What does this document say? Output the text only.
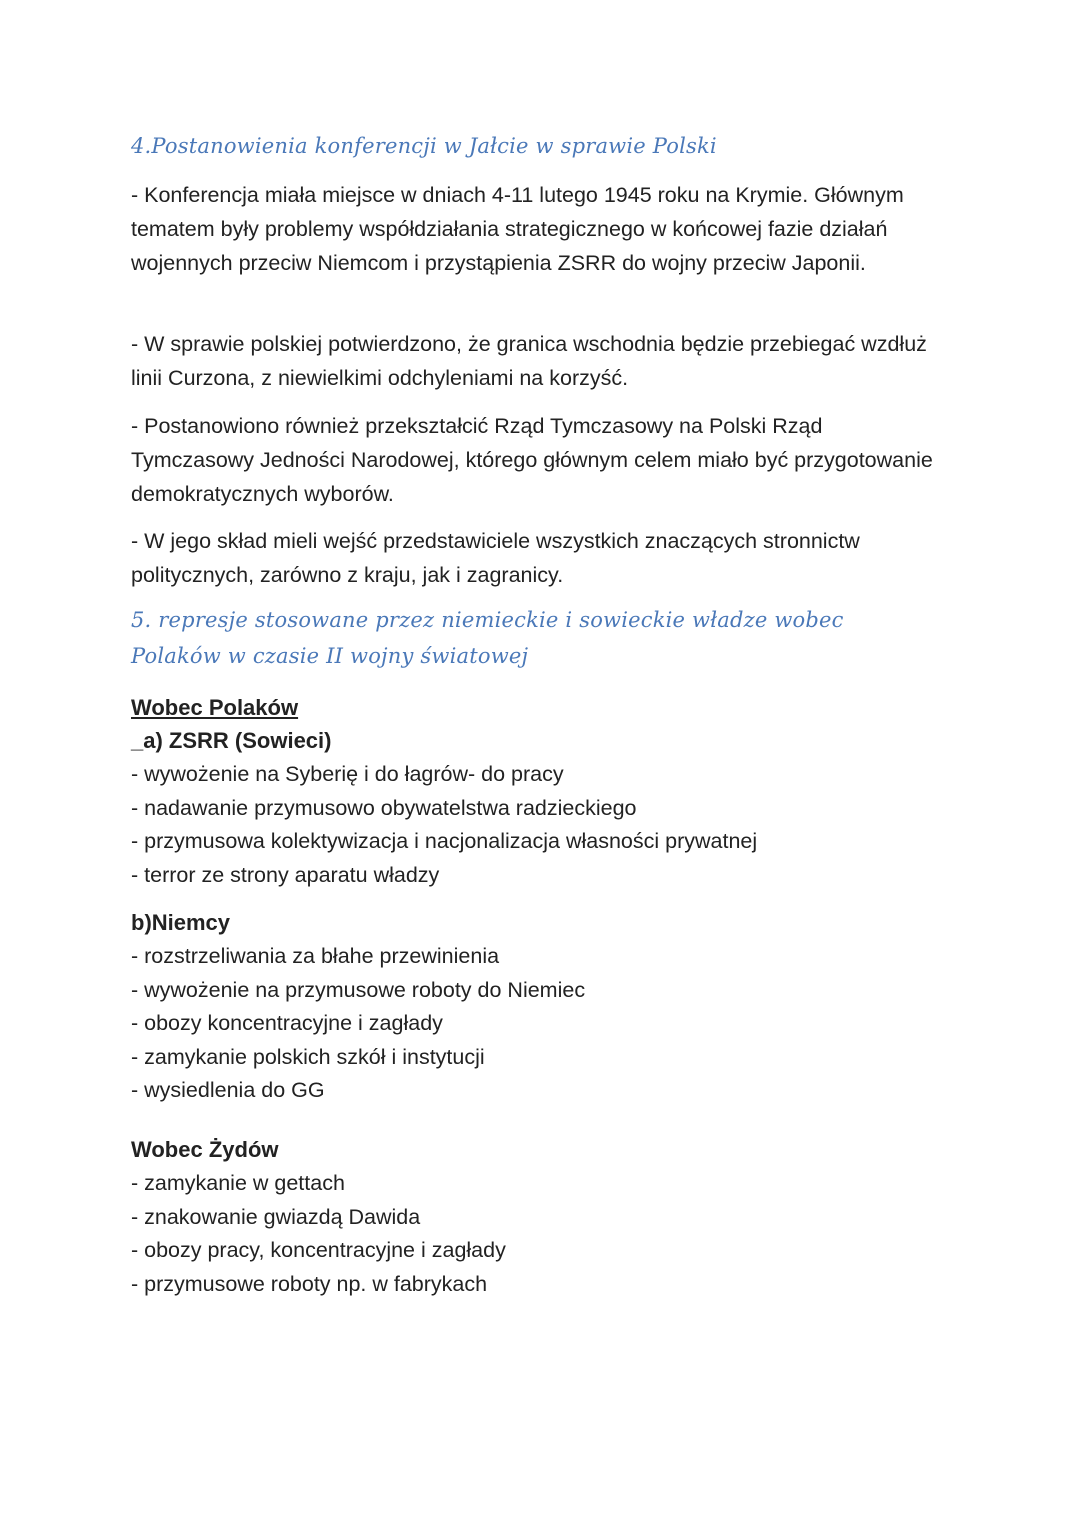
4.Postanowienia konferencji w Jałcie w sprawie Polski

- Konferencja miała miejsce w dniach 4-11 lutego 1945 roku na Krymie. Głównym tematem były problemy współdziałania strategicznego w końcowej fazie działań wojennych przeciw Niemcom i przystąpienia ZSRR do wojny przeciw Japonii.

- W sprawie polskiej potwierdzono, że granica wschodnia będzie przebiegać wzdłuż linii Curzona, z niewielkimi odchyleniami na korzyść.

- Postanowiono również przekształcić Rząd Tymczasowy na Polski Rząd Tymczasowy Jedności Narodowej, którego głównym celem miało być przygotowanie demokratycznych wyborów.

- W jego skład mieli wejść przedstawiciele wszystkich znaczących stronnictw politycznych, zarówno z kraju, jak i zagranicy.

5. represje stosowane przez niemieckie i sowieckie władze wobec Polaków w czasie II wojny światowej

Wobec Polaków

_a) ZSRR (Sowieci)

- wywożenie na Syberię i do łagrów- do pracy
- nadawanie przymusowo obywatelstwa radzieckiego
- przymusowa kolektywizacja i nacjonalizacja własności prywatnej
- terror ze strony aparatu władzy

b)Niemcy

- rozstrzeliwania za błahe przewinienia
- wywożenie na przymusowe roboty do Niemiec
- obozy koncentracyjne i zagłady
- zamykanie polskich szkół i instytucji
- wysiedlenia do GG

Wobec Żydów

- zamykanie w gettach
- znakowanie gwiazdą Dawida
- obozy pracy, koncentracyjne i zagłady
- przymusowe roboty np. w fabrykach
